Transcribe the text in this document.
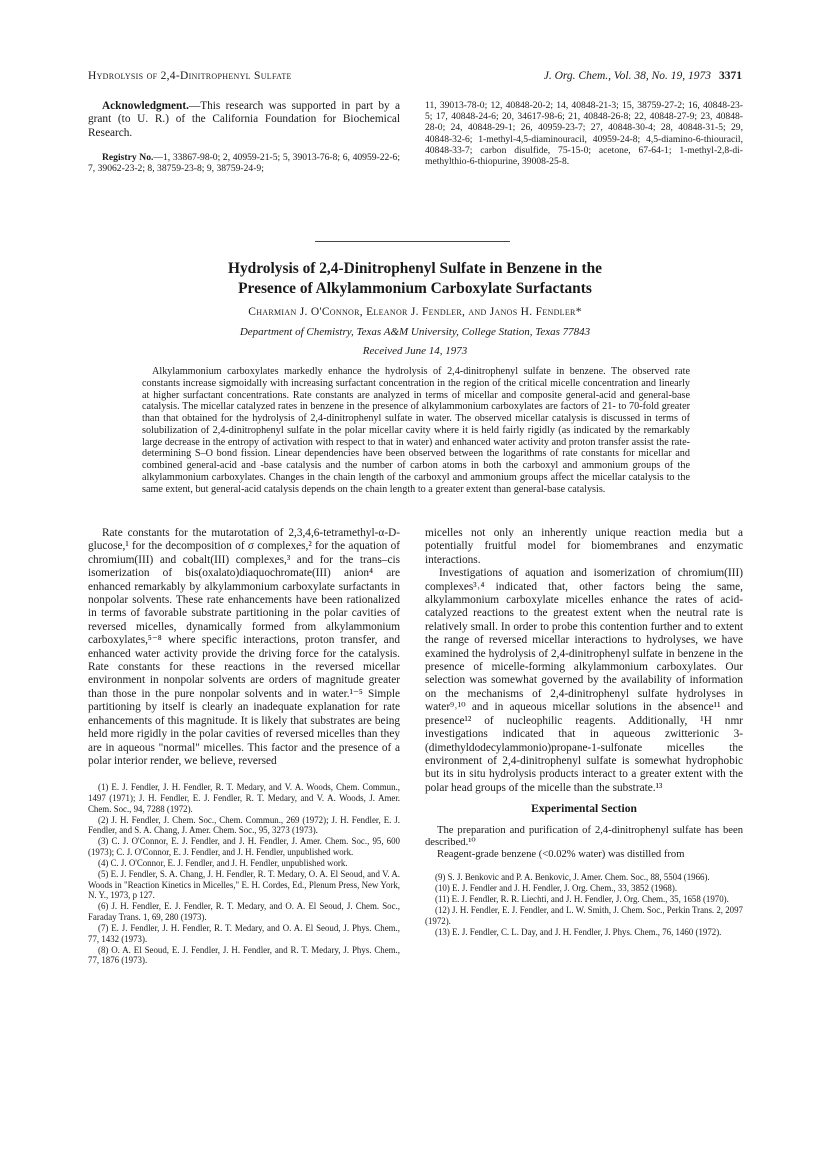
Hydrolysis of 2,4-Dinitrophenyl Sulfate	J. Org. Chem., Vol. 38, No. 19, 1973 3371

Acknowledgment.—This research was supported in part by a grant (to U. R.) of the California Foundation for Biochemical Research.

Registry No.—1, 33867-98-0; 2, 40959-21-5; 5, 39013-76-8; 6, 40959-22-6; 7, 39062-23-2; 8, 38759-23-8; 9, 38759-24-9;

11, 39013-78-0; 12, 40848-20-2; 14, 40848-21-3; 15, 38759-27-2; 16, 40848-23-5; 17, 40848-24-6; 20, 34617-98-6; 21, 40848-26-8; 22, 40848-27-9; 23, 40848-28-0; 24, 40848-29-1; 26, 40959-23-7; 27, 40848-30-4; 28, 40848-31-5; 29, 40848-32-6; 1-methyl-4,5-diaminouracil, 40959-24-8; 4,5-diamino-6-thiouracil, 40848-33-7; carbon disulfide, 75-15-0; acetone, 67-64-1; 1-methyl-2,8-di-methylthio-6-thiopurine, 39008-25-8.

Hydrolysis of 2,4-Dinitrophenyl Sulfate in Benzene in the
Presence of Alkylammonium Carboxylate Surfactants
Charmian J. O'Connor, Eleanor J. Fendler, and Janos H. Fendler*
Department of Chemistry, Texas A&M University, College Station, Texas 77843
Received June 14, 1973
Alkylammonium carboxylates markedly enhance the hydrolysis of 2,4-dinitrophenyl sulfate in benzene. The observed rate constants increase sigmoidally with increasing surfactant concentration in the region of the critical micelle concentration and linearly at higher surfactant concentrations. Rate constants are analyzed in terms of micellar and composite general-acid and general-base catalysis. The micellar catalyzed rates in benzene in the presence of alkylammonium carboxylates are factors of 21- to 70-fold greater than that obtained for the hydrolysis of 2,4-dinitrophenyl sulfate in water. The observed micellar catalysis is discussed in terms of solubilization of 2,4-dinitrophenyl sulfate in the polar micellar cavity where it is held fairly rigidly (as indicated by the remarkably large decrease in the entropy of activation with respect to that in water) and enhanced water activity and proton transfer assist the rate-determining S–O bond fission. Linear dependencies have been observed between the logarithms of rate constants for micellar and combined general-acid and -base catalysis and the number of carbon atoms in both the carboxyl and ammonium groups of the alkylammonium carboxylates. Changes in the chain length of the carboxyl and ammonium groups affect the micellar catalysis to the same extent, but general-acid catalysis depends on the chain length to a greater extent than general-base catalysis.

Rate constants for the mutarotation of 2,3,4,6-tetramethyl-α-D-glucose,¹ for the decomposition of σ complexes,² for the aquation of chromium(III) and cobalt(III) complexes,³ and for the trans–cis isomerization of bis(oxalato)diaquochromate(III) anion⁴ are enhanced remarkably by alkylammonium carboxylate surfactants in nonpolar solvents. These rate enhancements have been rationalized in terms of favorable substrate partitioning in the polar cavities of reversed micelles, dynamically formed from alkylammonium carboxylates,⁵⁻⁸ where specific interactions, proton transfer, and enhanced water activity provide the driving force for the catalysis. Rate constants for these reactions in the reversed micellar environment in nonpolar solvents are orders of magnitude greater than those in the pure nonpolar solvents and in water.¹⁻⁵ Simple partitioning by itself is clearly an inadequate explanation for rate enhancements of this magnitude. It is likely that substrates are being held more rigidly in the polar cavities of reversed micelles than they are in aqueous "normal" micelles. This factor and the presence of a polar interior render, we believe, reversed

(1) E. J. Fendler, J. H. Fendler, R. T. Medary, and V. A. Woods, Chem. Commun., 1497 (1971); J. H. Fendler, E. J. Fendler, R. T. Medary, and V. A. Woods, J. Amer. Chem. Soc., 94, 7288 (1972).

(2) J. H. Fendler, J. Chem. Soc., Chem. Commun., 269 (1972); J. H. Fendler, E. J. Fendler, and S. A. Chang, J. Amer. Chem. Soc., 95, 3273 (1973).

(3) C. J. O'Connor, E. J. Fendler, and J. H. Fendler, J. Amer. Chem. Soc., 95, 600 (1973); C. J. O'Connor, E. J. Fendler, and J. H. Fendler, unpublished work.

(4) C. J. O'Connor, E. J. Fendler, and J. H. Fendler, unpublished work.

(5) E. J. Fendler, S. A. Chang, J. H. Fendler, R. T. Medary, O. A. El Seoud, and V. A. Woods in "Reaction Kinetics in Micelles," E. H. Cordes, Ed., Plenum Press, New York, N. Y., 1973, p 127.

(6) J. H. Fendler, E. J. Fendler, R. T. Medary, and O. A. El Seoud, J. Chem. Soc., Faraday Trans. 1, 69, 280 (1973).

(7) E. J. Fendler, J. H. Fendler, R. T. Medary, and O. A. El Seoud, J. Phys. Chem., 77, 1432 (1973).

(8) O. A. El Seoud, E. J. Fendler, J. H. Fendler, and R. T. Medary, J. Phys. Chem., 77, 1876 (1973).

micelles not only an inherently unique reaction media but a potentially fruitful model for biomembranes and enzymatic interactions.

Investigations of aquation and isomerization of chromium(III) complexes³˒⁴ indicated that, other factors being the same, alkylammonium carboxylate micelles enhance the rates of acid-catalyzed reactions to the greatest extent when the neutral rate is relatively small. In order to probe this contention further and to extent the range of reversed micellar interactions to hydrolyses, we have examined the hydrolysis of 2,4-dinitrophenyl sulfate in benzene in the presence of micelle-forming alkylammonium carboxylates. Our selection was somewhat governed by the availability of information on the mechanisms of 2,4-dinitrophenyl sulfate hydrolyses in water⁹˒¹⁰ and in aqueous micellar solutions in the absence¹¹ and presence¹² of nucleophilic reagents. Additionally, ¹H nmr investigations indicated that in aqueous zwitterionic 3-(dimethyldodecylammonio)propane-1-sulfonate micelles the environment of 2,4-dinitrophenyl sulfate is somewhat hydrophobic but its in situ hydrolysis products interact to a greater extent with the polar head groups of the micelle than the substrate.¹³

Experimental Section

The preparation and purification of 2,4-dinitrophenyl sulfate has been described.¹⁰

Reagent-grade benzene (<0.02% water) was distilled from

(9) S. J. Benkovic and P. A. Benkovic, J. Amer. Chem. Soc., 88, 5504 (1966).

(10) E. J. Fendler and J. H. Fendler, J. Org. Chem., 33, 3852 (1968).

(11) E. J. Fendler, R. R. Liechti, and J. H. Fendler, J. Org. Chem., 35, 1658 (1970).

(12) J. H. Fendler, E. J. Fendler, and L. W. Smith, J. Chem. Soc., Perkin Trans. 2, 2097 (1972).

(13) E. J. Fendler, C. L. Day, and J. H. Fendler, J. Phys. Chem., 76, 1460 (1972).
